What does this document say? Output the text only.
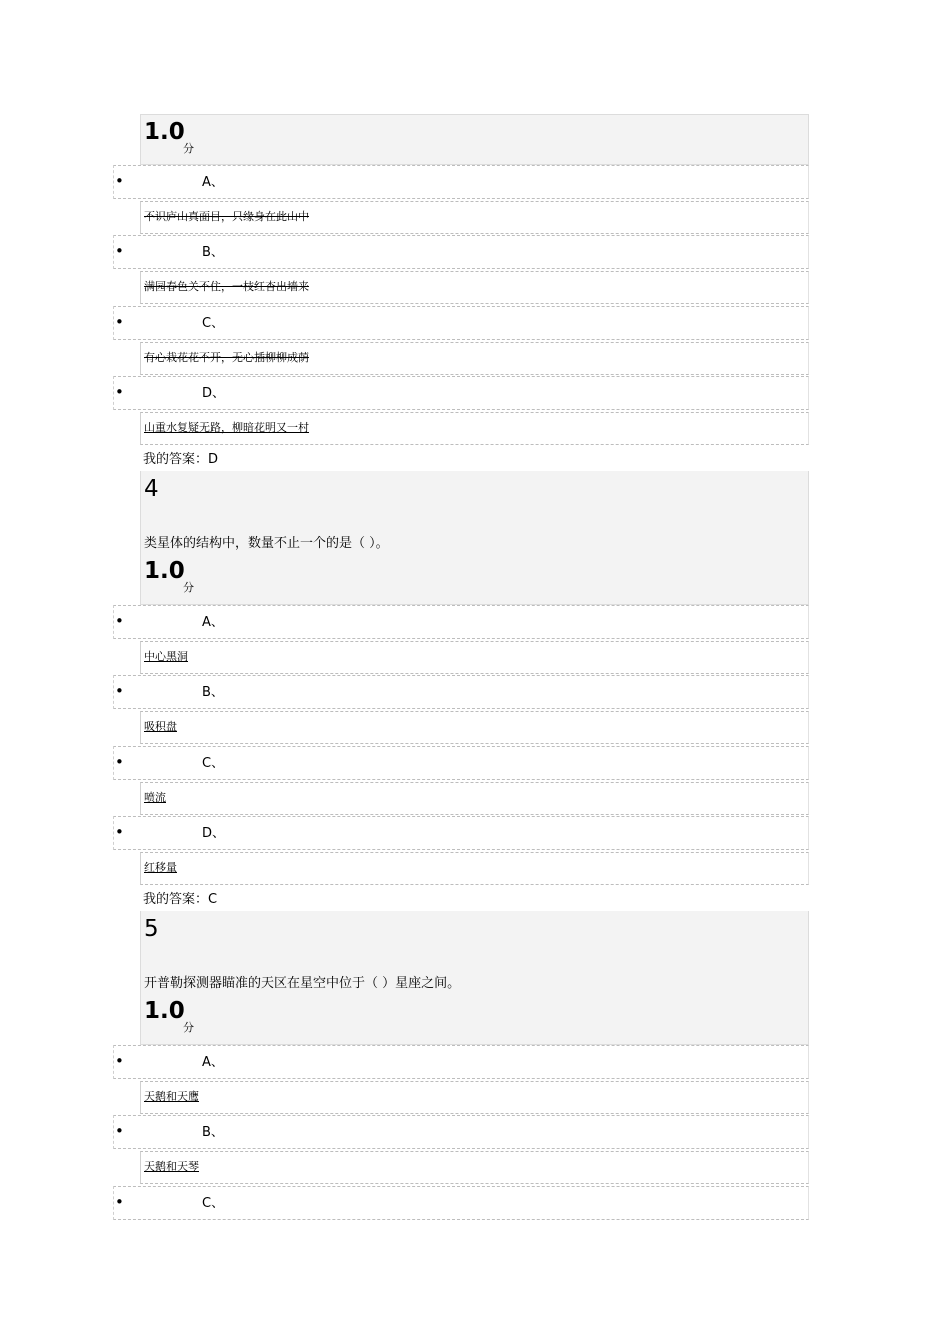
1.0
分
•	A、
不识庐山真面目，只缘身在此山中
•	B、
满园春色关不住，一枝红杏出墙来
•	C、
有心栽花花不开，无心插柳柳成荫
•	D、
山重水复疑无路，柳暗花明又一村
我的答案：D
4
类星体的结构中，数量不止一个的是（ ）。
1.0
分
•	A、
中心黑洞
•	B、
吸积盘
•	C、
喷流
•	D、
红移量
我的答案：C
5
开普勒探测器瞄准的天区在星空中位于（ ）星座之间。
1.0
分
•	A、
天鹅和天鹰
•	B、
天鹅和天琴
•	C、
